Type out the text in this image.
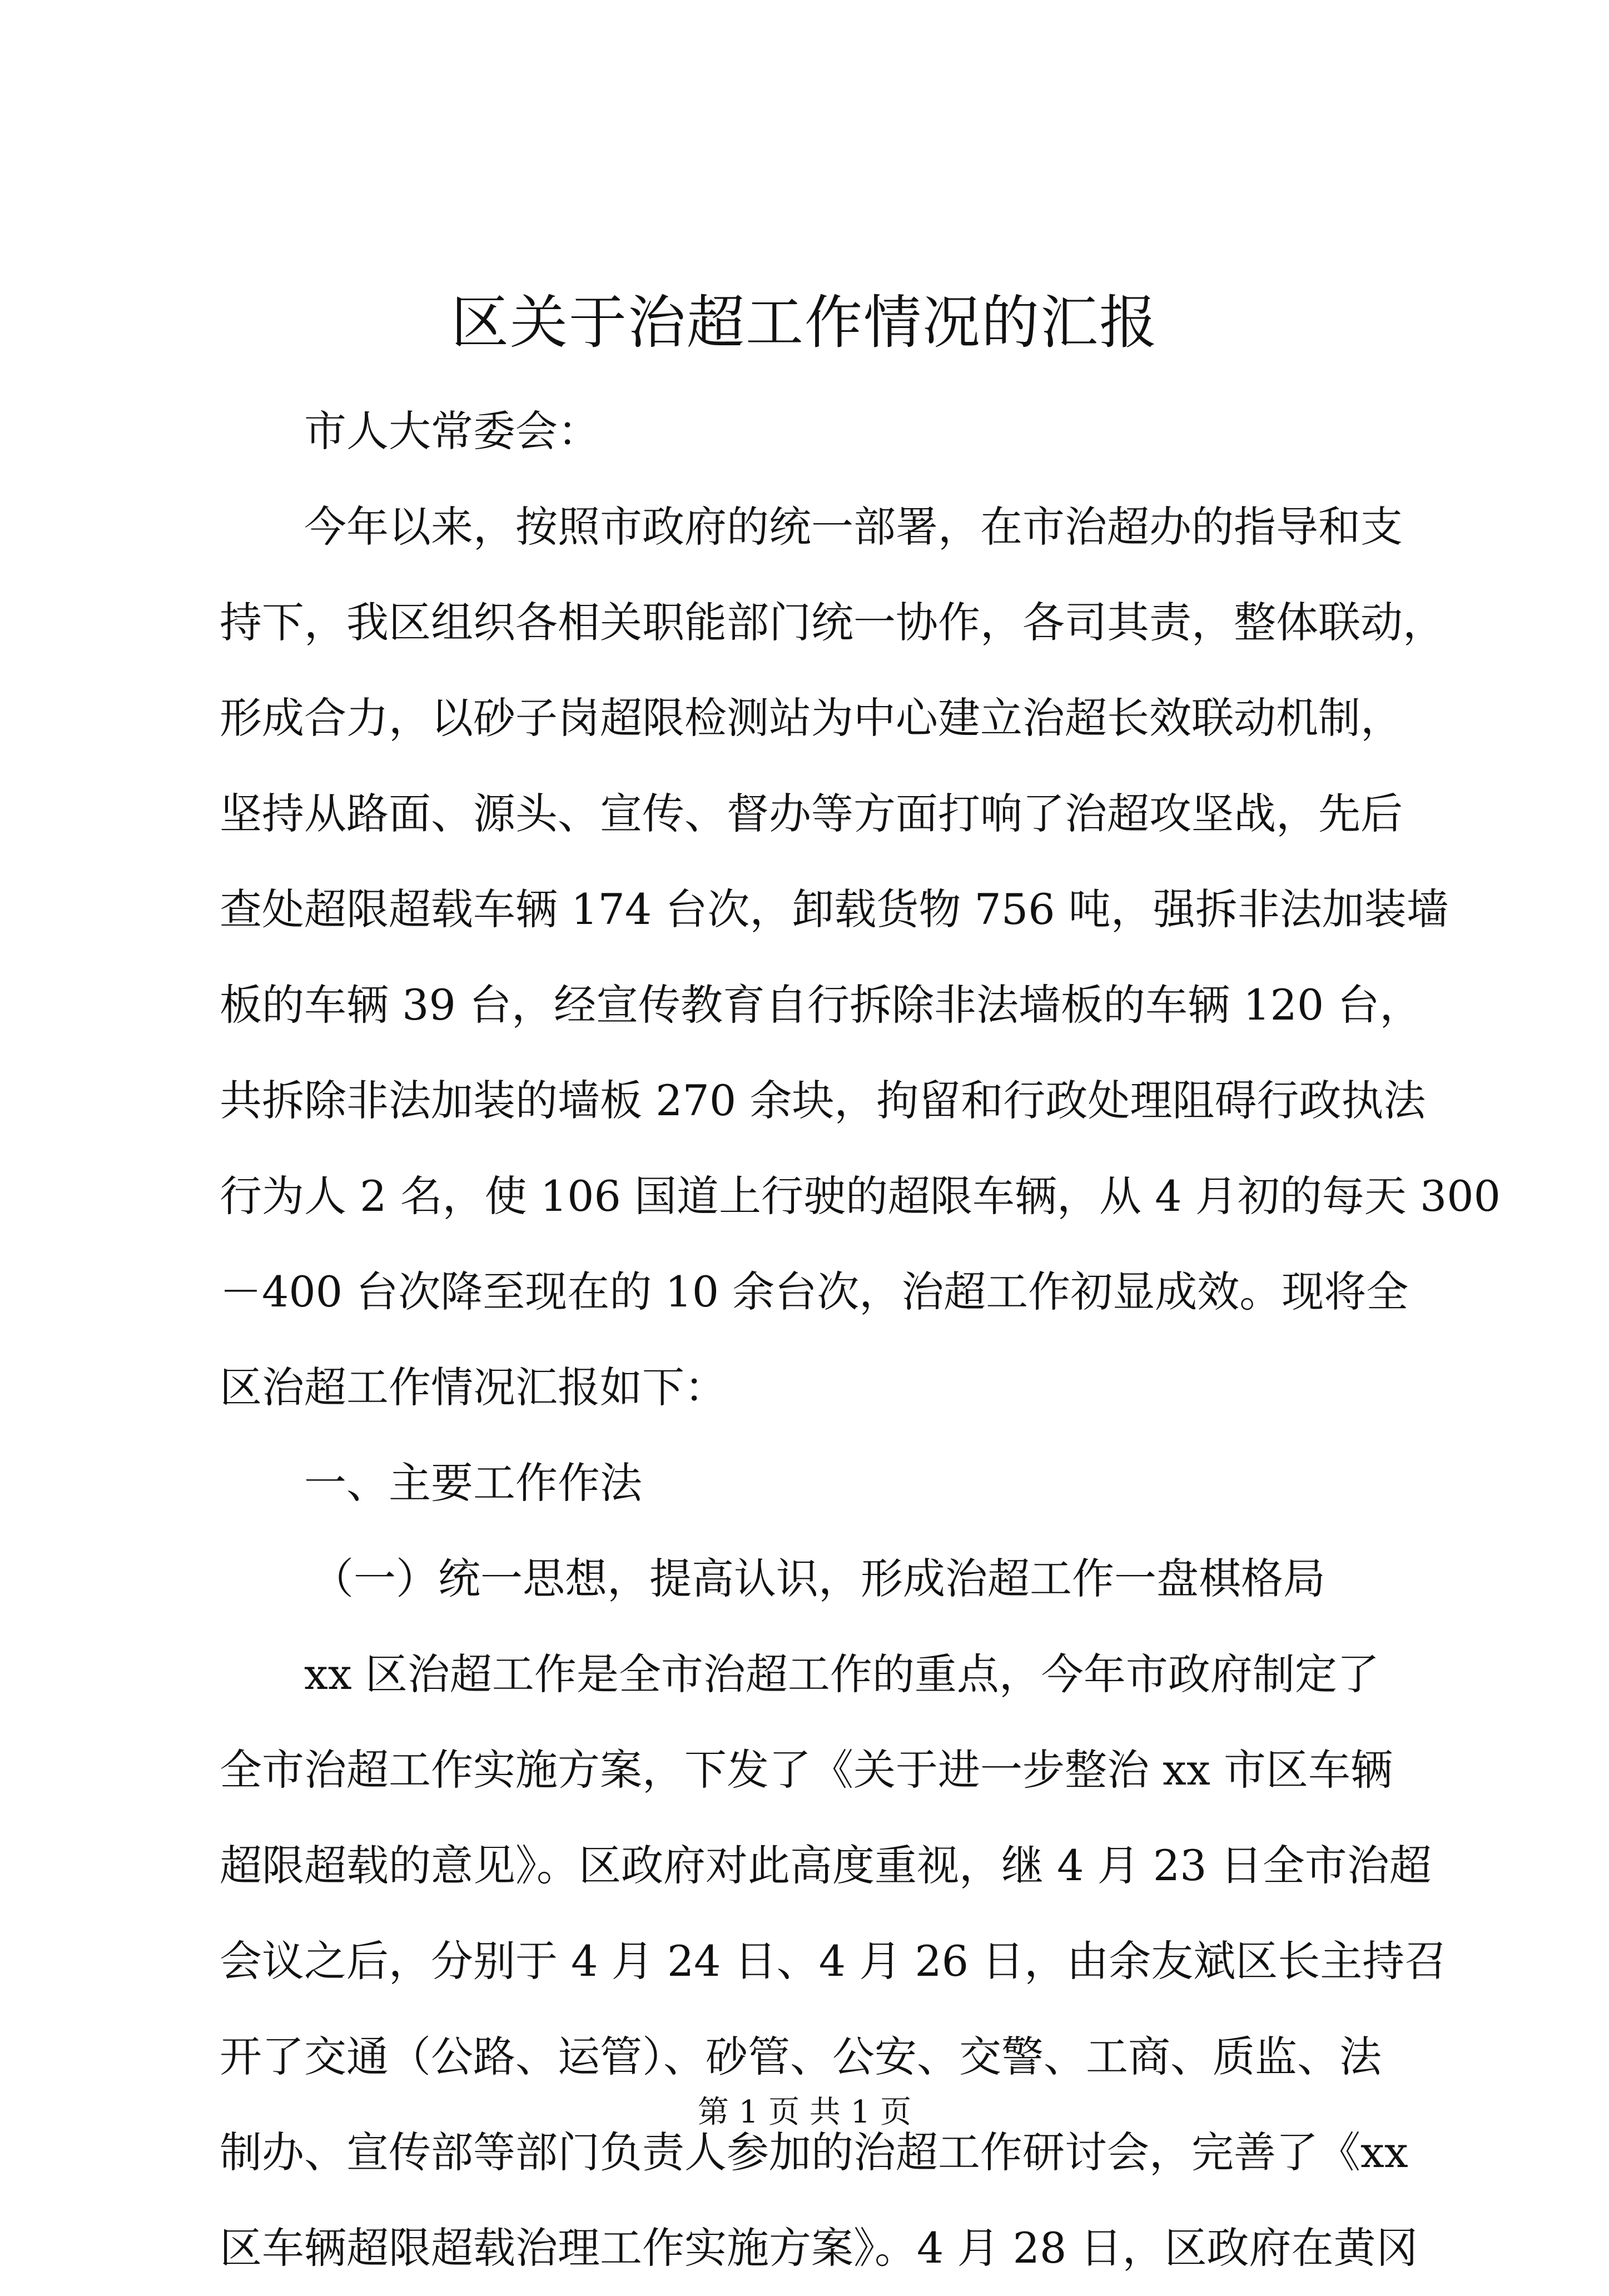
区关于治超工作情况的汇报
市人大常委会：
今年以来，按照市政府的统一部署，在市治超办的指导和支
持下，我区组织各相关职能部门统一协作，各司其责，整体联动，
形成合力，以砂子岗超限检测站为中心建立治超长效联动机制，
坚持从路面、源头、宣传、督办等方面打响了治超攻坚战，先后
查处超限超载车辆 174 台次，卸载货物 756 吨，强拆非法加装墙
板的车辆 39 台，经宣传教育自行拆除非法墙板的车辆 120 台，
共拆除非法加装的墙板 270 余块，拘留和行政处理阻碍行政执法
行为人 2 名，使 106 国道上行驶的超限车辆，从 4 月初的每天 300
－400 台次降至现在的 10 余台次，治超工作初显成效。现将全
区治超工作情况汇报如下：
一、主要工作作法
（一）统一思想，提高认识，形成治超工作一盘棋格局
xx 区治超工作是全市治超工作的重点，今年市政府制定了
全市治超工作实施方案，下发了《关于进一步整治 xx 市区车辆
超限超载的意见》。区政府对此高度重视，继 4 月 23 日全市治超
会议之后，分别于 4 月 24 日、4 月 26 日，由余友斌区长主持召
开了交通（公路、运管）、砂管、公安、交警、工商、质监、法
制办、宣传部等部门负责人参加的治超工作研讨会，完善了《xx
区车辆超限超载治理工作实施方案》。4 月 28 日，区政府在黄冈
第 1 页 共 1 页
